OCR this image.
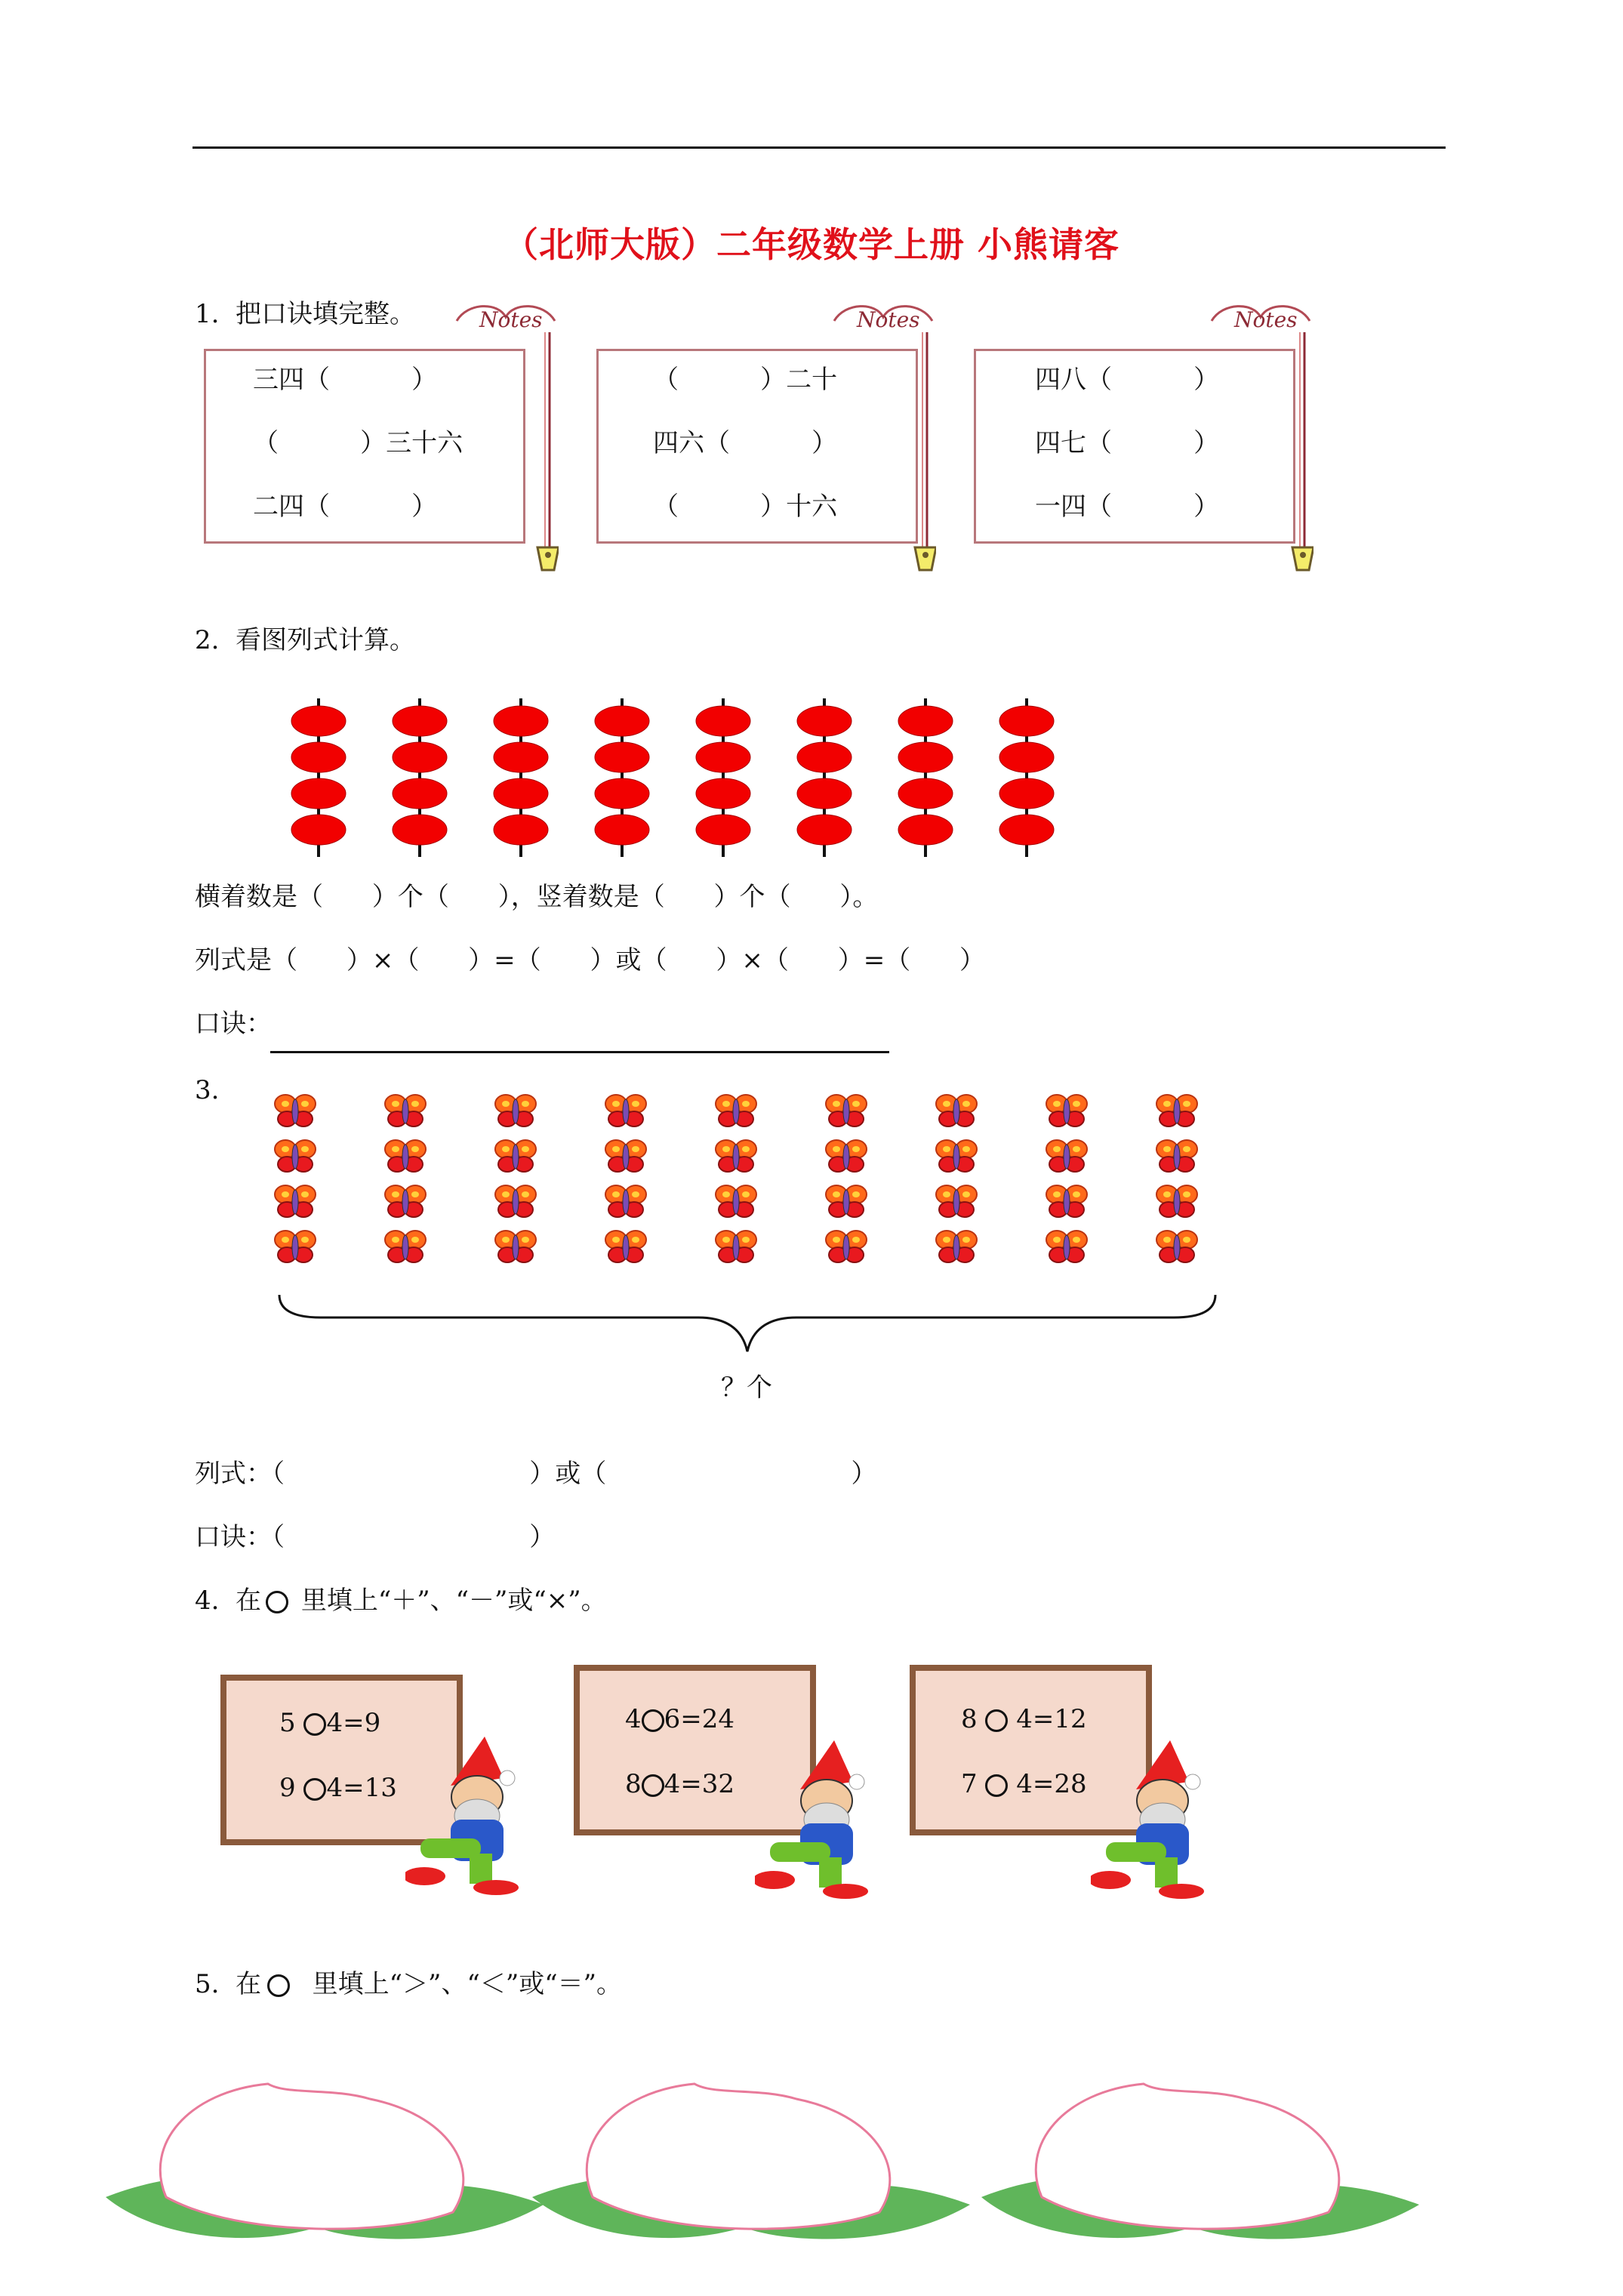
（北师大版）二年级数学上册 小熊请客
1.  把口诀填完整。
三四（          ）
（          ）三十六
二四（          ）
Notes
（          ）二十
四六（          ）
（          ）十六
Notes
四八（          ）
四七（          ）
一四（          ）
Notes
2.  看图列式计算。
横着数是（      ）个（      ），竖着数是（      ）个（      ）。
列式是（      ）×（      ）=（      ）或（      ）×（      ）=（      ）
口诀：
3.
？个
列式：（                              ）或（                              ）
口诀：（                              ）
4.  在 里填上“＋”、“－”或“×”。
5 4=9
9 4=13
4 6=24
8 4=32
8 4=12
7 4=28
5.  在  里填上“＞”、“＜”或“＝”。
